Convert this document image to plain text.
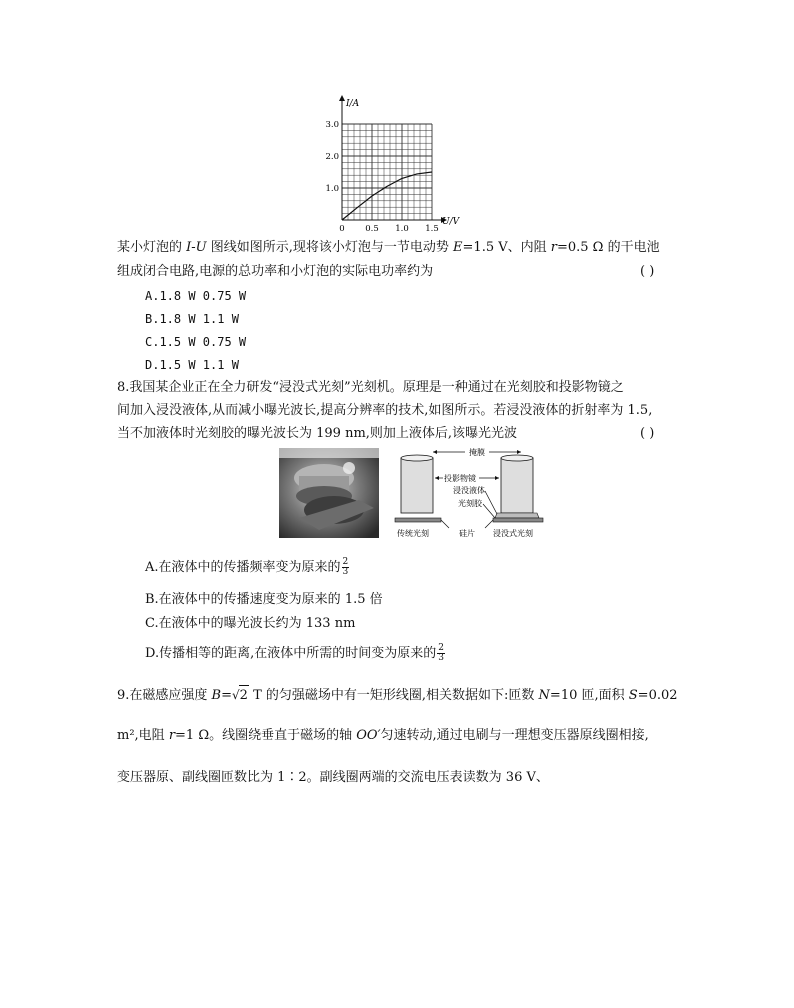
I/A
U/V
0 0.5 1.0 1.5
1.0
2.0
3.0
某小灯泡的 I-U 图线如图所示,现将该小灯泡与一节电动势 E=1.5 V、内阻 r=0.5 Ω 的干电池
组成闭合电路,电源的总功率和小灯泡的实际电功率约为	( )
A.1.8 W 0.75 W
B.1.8 W 1.1 W
C.1.5 W 0.75 W
D.1.5 W 1.1 W
8.我国某企业正在全力研发“浸没式光刻”光刻机。原理是一种通过在光刻胶和投影物镜之
间加入浸没液体,从而减小曝光波长,提高分辨率的技术,如图所示。若浸没液体的折射率为 1.5,
当不加液体时光刻胶的曝光波长为 199 nm,则加上液体后,该曝光光波	( )
掩膜
投影物镜
浸没液体
光刻胶
传统光刻	硅片 浸没式光刻
A.在液体中的传播频率变为原来的 $\frac{2}{3}$
B.在液体中的传播速度变为原来的 1.5 倍
C.在液体中的曝光波长约为 133 nm
D.传播相等的距离,在液体中所需的时间变为原来的 $\frac{2}{3}$
9.在磁感应强度 B=√2 T 的匀强磁场中有一矩形线圈,相关数据如下:匝数 N=10 匝,面积 S=0.02
m²,电阻 r=1 Ω。线圈绕垂直于磁场的轴 OO′匀速转动,通过电刷与一理想变压器原线圈相接,
变压器原、副线圈匝数比为 1∶2。副线圈两端的交流电压表读数为 36 V、
